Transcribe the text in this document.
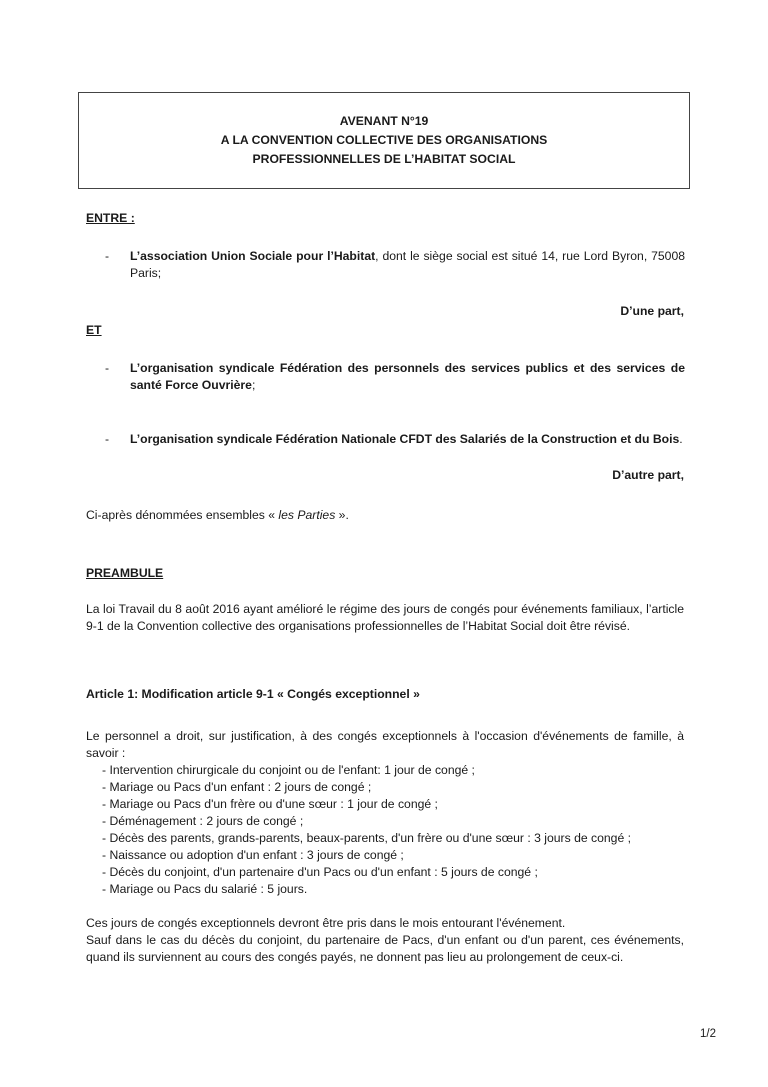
AVENANT N°19
A LA CONVENTION COLLECTIVE DES ORGANISATIONS
PROFESSIONNELLES DE L’HABITAT SOCIAL
ENTRE :
- L’association Union Sociale pour l’Habitat, dont le siège social est situé 14, rue Lord Byron, 75008 Paris;
D’une part,
ET
- L’organisation syndicale Fédération des personnels des services publics et des services de santé Force Ouvrière;
- L’organisation syndicale Fédération Nationale CFDT des Salariés de la Construction et du Bois.
D’autre part,
Ci-après dénommées ensembles « les Parties ».
PREAMBULE
La loi Travail du 8 août 2016 ayant amélioré le régime des jours de congés pour événements familiaux, l’article 9-1 de la Convention collective des organisations professionnelles de l’Habitat Social doit être révisé.
Article 1: Modification article 9-1 « Congés exceptionnel »
Le personnel a droit, sur justification, à des congés exceptionnels à l'occasion d'événements de famille, à savoir :
- Intervention chirurgicale du conjoint ou de l'enfant: 1 jour de congé ;
- Mariage ou Pacs d'un enfant : 2 jours de congé ;
- Mariage ou Pacs d'un frère ou d'une sœur : 1 jour de congé ;
- Déménagement : 2 jours de congé ;
- Décès des parents, grands-parents, beaux-parents, d'un frère ou d'une sœur : 3 jours de congé ;
- Naissance ou adoption d'un enfant : 3 jours de congé ;
- Décès du conjoint, d'un partenaire d'un Pacs ou d'un enfant : 5 jours de congé ;
- Mariage ou Pacs du salarié : 5 jours.
Ces jours de congés exceptionnels devront être pris dans le mois entourant l'événement.
Sauf dans le cas du décès du conjoint, du partenaire de Pacs, d'un enfant ou d'un parent, ces événements, quand ils surviennent au cours des congés payés, ne donnent pas lieu au prolongement de ceux-ci.
1/2
